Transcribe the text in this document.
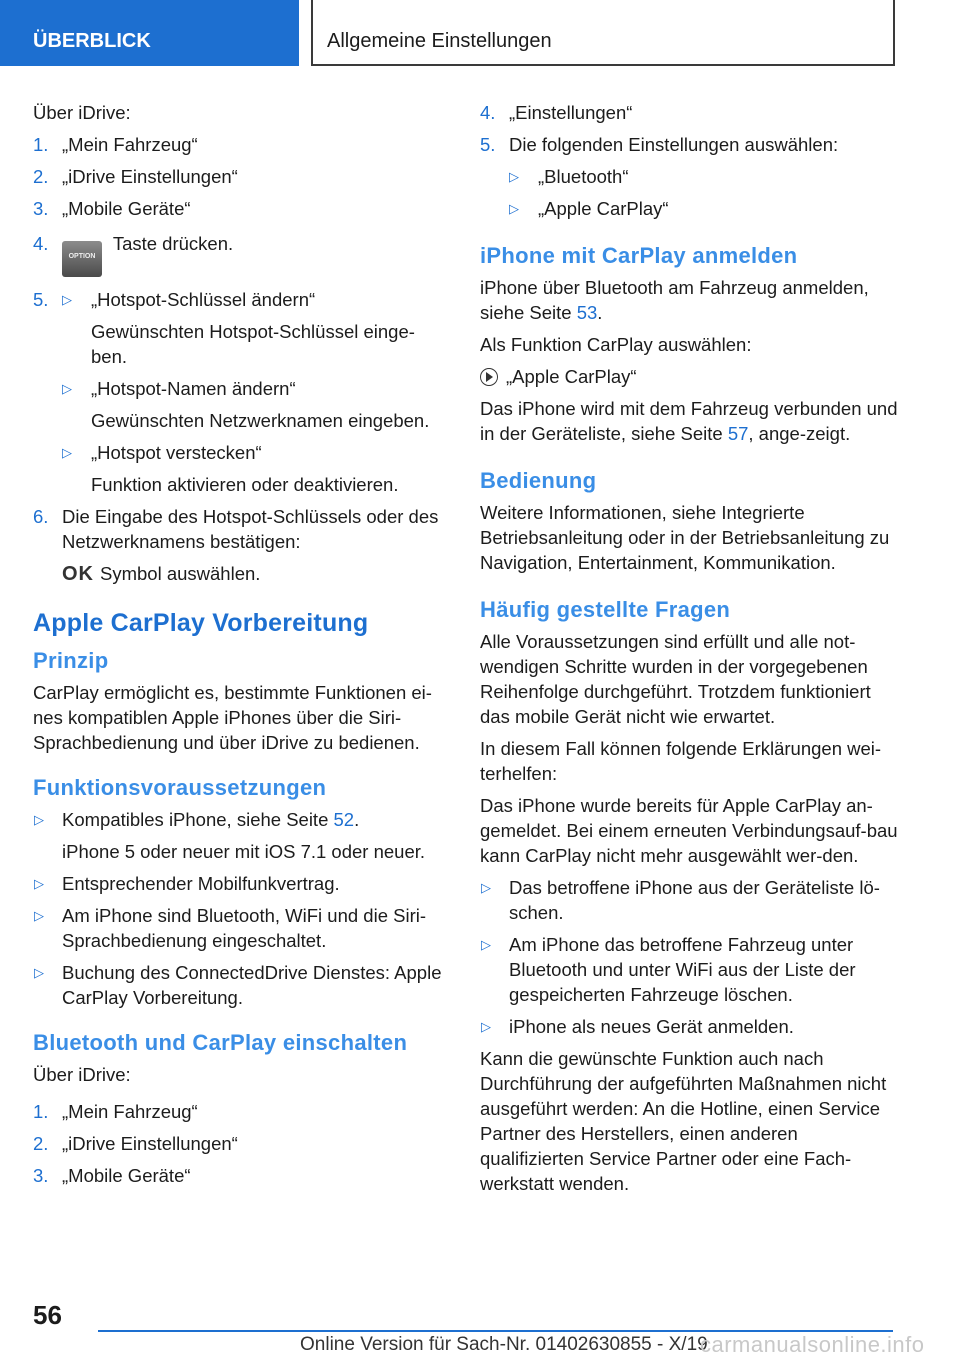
ÜBERBLICK	Allgemeine Einstellungen

Über iDrive:

1. „Mein Fahrzeug“
2. „iDrive Einstellungen“
3. „Mobile Geräte“
4.
OPTION Taste drücken.
5. ▷ „Hotspot-Schlüssel ändern“
Gewünschten Hotspot-Schlüssel einge-ben.
▷ „Hotspot-Namen ändern“
Gewünschten Netzwerknamen eingeben.
▷ „Hotspot verstecken“
Funktion aktivieren oder deaktivieren.
6. Die Eingabe des Hotspot-Schlüssels oder des Netzwerknamens bestätigen:
OK Symbol auswählen.
Apple CarPlay Vorbereitung
Prinzip

CarPlay ermöglicht es, bestimmte Funktionen ei-nes kompatiblen Apple iPhones über die Siri-Sprachbedienung und über iDrive zu bedienen.

Funktionsvoraussetzungen
▷ Kompatibles iPhone, siehe Seite 52.
iPhone 5 oder neuer mit iOS 7.1 oder neuer.
▷ Entsprechender Mobilfunkvertrag.
▷ Am iPhone sind Bluetooth, WiFi und die Siri-Sprachbedienung eingeschaltet.
▷ Buchung des ConnectedDrive Dienstes: Apple CarPlay Vorbereitung.
Bluetooth und CarPlay einschalten

Über iDrive:

1. „Mein Fahrzeug“
2. „iDrive Einstellungen“
3. „Mobile Geräte“
4. „Einstellungen“
5. Die folgenden Einstellungen auswählen:
▷ „Bluetooth“
▷ „Apple CarPlay“
iPhone mit CarPlay anmelden

iPhone über Bluetooth am Fahrzeug anmelden, siehe Seite 53.

Als Funktion CarPlay auswählen:

„Apple CarPlay“

Das iPhone wird mit dem Fahrzeug verbunden und in der Geräteliste, siehe Seite 57, ange-zeigt.

Bedienung

Weitere Informationen, siehe Integrierte Betriebsanleitung oder in der Betriebsanleitung zu Navigation, Entertainment, Kommunikation.

Häufig gestellte Fragen

Alle Voraussetzungen sind erfüllt und alle not-wendigen Schritte wurden in der vorgegebenen Reihenfolge durchgeführt. Trotzdem funktioniert das mobile Gerät nicht wie erwartet.

In diesem Fall können folgende Erklärungen wei-terhelfen:

Das iPhone wurde bereits für Apple CarPlay an-gemeldet. Bei einem erneuten Verbindungsauf-bau kann CarPlay nicht mehr ausgewählt wer-den.

▷ Das betroffene iPhone aus der Geräteliste lö-schen.
▷ Am iPhone das betroffene Fahrzeug unter Bluetooth und unter WiFi aus der Liste der gespeicherten Fahrzeuge löschen.
▷ iPhone als neues Gerät anmelden.

Kann die gewünschte Funktion auch nach Durchführung der aufgeführten Maßnahmen nicht ausgeführt werden: An die Hotline, einen Service Partner des Herstellers, einen anderen qualifizierten Service Partner oder eine Fach-werkstatt wenden.

56
Online Version für Sach-Nr. 01402630855 - X/19
carmanualsonline.info
